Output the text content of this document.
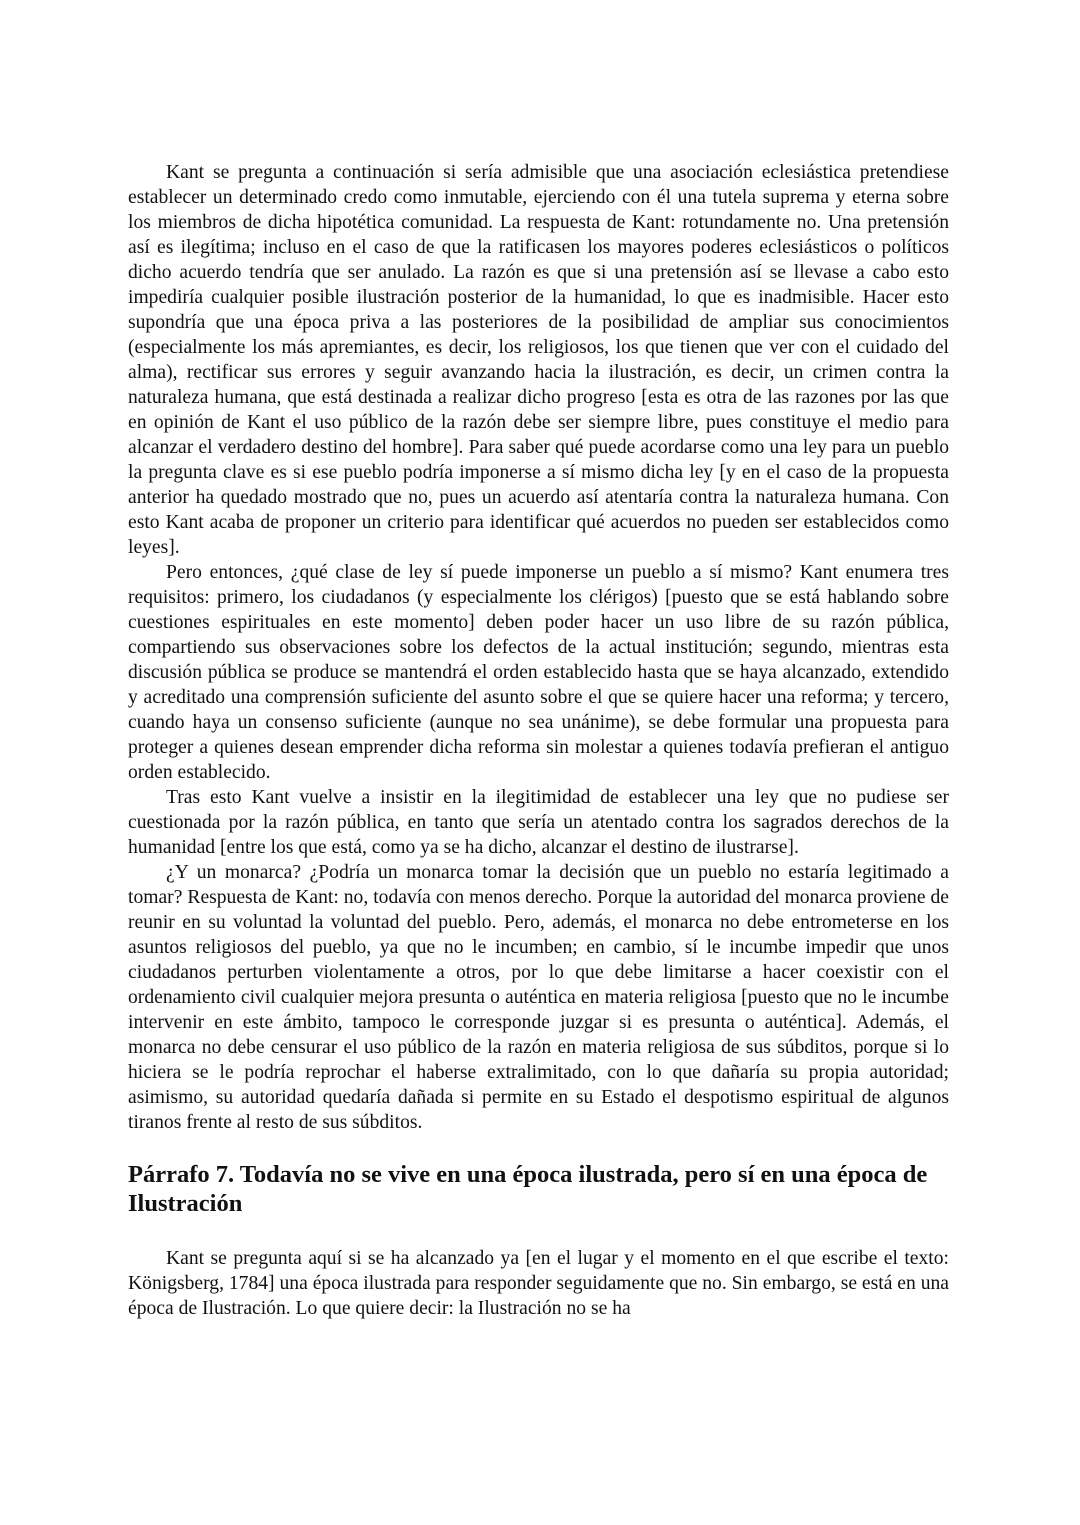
Kant se pregunta a continuación si sería admisible que una asociación eclesiástica pretendiese establecer un determinado credo como inmutable, ejerciendo con él una tutela suprema y eterna sobre los miembros de dicha hipotética comunidad. La respuesta de Kant: rotundamente no. Una pretensión así es ilegítima; incluso en el caso de que la ratificasen los mayores poderes eclesiásticos o políticos dicho acuerdo tendría que ser anulado. La razón es que si una pretensión así se llevase a cabo esto impediría cualquier posible ilustración posterior de la humanidad, lo que es inadmisible. Hacer esto supondría que una época priva a las posteriores de la posibilidad de ampliar sus conocimientos (especialmente los más apremiantes, es decir, los religiosos, los que tienen que ver con el cuidado del alma), rectificar sus errores y seguir avanzando hacia la ilustración, es decir, un crimen contra la naturaleza humana, que está destinada a realizar dicho progreso [esta es otra de las razones por las que en opinión de Kant el uso público de la razón debe ser siempre libre, pues constituye el medio para alcanzar el verdadero destino del hombre]. Para saber qué puede acordarse como una ley para un pueblo la pregunta clave es si ese pueblo podría imponerse a sí mismo dicha ley [y en el caso de la propuesta anterior ha quedado mostrado que no, pues un acuerdo así atentaría contra la naturaleza humana. Con esto Kant acaba de proponer un criterio para identificar qué acuerdos no pueden ser establecidos como leyes].

Pero entonces, ¿qué clase de ley sí puede imponerse un pueblo a sí mismo? Kant enumera tres requisitos: primero, los ciudadanos (y especialmente los clérigos) [puesto que se está hablando sobre cuestiones espirituales en este momento] deben poder hacer un uso libre de su razón pública, compartiendo sus observaciones sobre los defectos de la actual institución; segundo, mientras esta discusión pública se produce se mantendrá el orden establecido hasta que se haya alcanzado, extendido y acreditado una comprensión suficiente del asunto sobre el que se quiere hacer una reforma; y tercero, cuando haya un consenso suficiente (aunque no sea unánime), se debe formular una propuesta para proteger a quienes desean emprender dicha reforma sin molestar a quienes todavía prefieran el antiguo orden establecido.

Tras esto Kant vuelve a insistir en la ilegitimidad de establecer una ley que no pudiese ser cuestionada por la razón pública, en tanto que sería un atentado contra los sagrados derechos de la humanidad [entre los que está, como ya se ha dicho, alcanzar el destino de ilustrarse].

¿Y un monarca? ¿Podría un monarca tomar la decisión que un pueblo no estaría legitimado a tomar? Respuesta de Kant: no, todavía con menos derecho. Porque la autoridad del monarca proviene de reunir en su voluntad la voluntad del pueblo. Pero, además, el monarca no debe entrometerse en los asuntos religiosos del pueblo, ya que no le incumben; en cambio, sí le incumbe impedir que unos ciudadanos perturben violentamente a otros, por lo que debe limitarse a hacer coexistir con el ordenamiento civil cualquier mejora presunta o auténtica en materia religiosa [puesto que no le incumbe intervenir en este ámbito, tampoco le corresponde juzgar si es presunta o auténtica]. Además, el monarca no debe censurar el uso público de la razón en materia religiosa de sus súbditos, porque si lo hiciera se le podría reprochar el haberse extralimitado, con lo que dañaría su propia autoridad; asimismo, su autoridad quedaría dañada si permite en su Estado el despotismo espiritual de algunos tiranos frente al resto de sus súbditos.

Párrafo 7. Todavía no se vive en una época ilustrada, pero sí en una época de Ilustración

Kant se pregunta aquí si se ha alcanzado ya [en el lugar y el momento en el que escribe el texto: Königsberg, 1784] una época ilustrada para responder seguidamente que no. Sin embargo, se está en una época de Ilustración. Lo que quiere decir: la Ilustración no se ha
